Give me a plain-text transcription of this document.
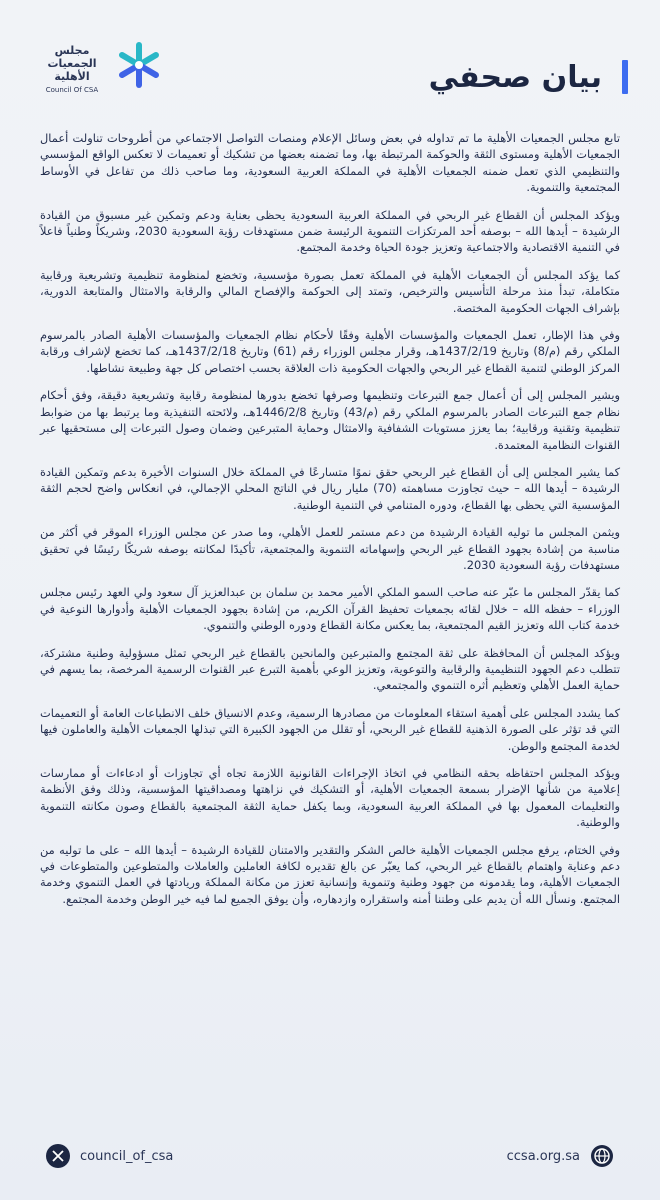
مجلس
الجمعيات
الأهلية
Council Of CSA	بيان صحفي

تابع مجلس الجمعيات الأهلية ما تم تداوله في بعض وسائل الإعلام ومنصات التواصل الاجتماعي من أطروحات تناولت أعمال الجمعيات الأهلية ومستوى الثقة والحوكمة المرتبطة بها، وما تضمنه بعضها من تشكيك أو تعميمات لا تعكس الواقع المؤسسي والتنظيمي الذي تعمل ضمنه الجمعيات الأهلية في المملكة العربية السعودية، وما صاحب ذلك من تفاعل في الأوساط المجتمعية والتنموية.

ويؤكد المجلس أن القطاع غير الربحي في المملكة العربية السعودية يحظى بعناية ودعم وتمكين غير مسبوق من القيادة الرشيدة – أيدها الله – بوصفه أحد المرتكزات التنموية الرئيسة ضمن مستهدفات رؤية السعودية 2030، وشريكاً وطنياً فاعلاً في التنمية الاقتصادية والاجتماعية وتعزيز جودة الحياة وخدمة المجتمع.

كما يؤكد المجلس أن الجمعيات الأهلية في المملكة تعمل بصورة مؤسسية، وتخضع لمنظومة تنظيمية وتشريعية ورقابية متكاملة، تبدأ منذ مرحلة التأسيس والترخيص، وتمتد إلى الحوكمة والإفصاح المالي والرقابة والامتثال والمتابعة الدورية، بإشراف الجهات الحكومية المختصة.

وفي هذا الإطار، تعمل الجمعيات والمؤسسات الأهلية وفقًا لأحكام نظام الجمعيات والمؤسسات الأهلية الصادر بالمرسوم الملكي رقم (م/8) وتاريخ 1437/2/19هـ، وقرار مجلس الوزراء رقم (61) وتاريخ 1437/2/18هـ، كما تخضع لإشراف ورقابة المركز الوطني لتنمية القطاع غير الربحي والجهات الحكومية ذات العلاقة بحسب اختصاص كل جهة وطبيعة نشاطها.

ويشير المجلس إلى أن أعمال جمع التبرعات وتنظيمها وصرفها تخضع بدورها لمنظومة رقابية وتشريعية دقيقة، وفق أحكام نظام جمع التبرعات الصادر بالمرسوم الملكي رقم (م/43) وتاريخ 1446/2/8هـ، ولائحته التنفيذية وما يرتبط بها من ضوابط تنظيمية وتقنية ورقابية؛ بما يعزز مستويات الشفافية والامتثال وحماية المتبرعين وضمان وصول التبرعات إلى مستحقيها عبر القنوات النظامية المعتمدة.

كما يشير المجلس إلى أن القطاع غير الربحي حقق نموًا متسارعًا في المملكة خلال السنوات الأخيرة بدعم وتمكين القيادة الرشيدة – أيدها الله – حيث تجاوزت مساهمته (70) مليار ريال في الناتج المحلي الإجمالي، في انعكاس واضح لحجم الثقة المؤسسية التي يحظى بها القطاع، ودوره المتنامي في التنمية الوطنية.

ويثمن المجلس ما توليه القيادة الرشيدة من دعم مستمر للعمل الأهلي، وما صدر عن مجلس الوزراء الموقر في أكثر من مناسبة من إشادة بجهود القطاع غير الربحي وإسهاماته التنموية والمجتمعية، تأكيدًا لمكانته بوصفه شريكًا رئيسًا في تحقيق مستهدفات رؤية السعودية 2030.

كما يقدّر المجلس ما عبّر عنه صاحب السمو الملكي الأمير محمد بن سلمان بن عبدالعزيز آل سعود ولي العهد رئيس مجلس الوزراء – حفظه الله – خلال لقائه بجمعيات تحفيظ القرآن الكريم، من إشادة بجهود الجمعيات الأهلية وأدوارها النوعية في خدمة كتاب الله وتعزيز القيم المجتمعية، بما يعكس مكانة القطاع ودوره الوطني والتنموي.

ويؤكد المجلس أن المحافظة على ثقة المجتمع والمتبرعين والمانحين بالقطاع غير الربحي تمثل مسؤولية وطنية مشتركة، تتطلب دعم الجهود التنظيمية والرقابية والتوعوية، وتعزيز الوعي بأهمية التبرع عبر القنوات الرسمية المرخصة، بما يسهم في حماية العمل الأهلي وتعظيم أثره التنموي والمجتمعي.

كما يشدد المجلس على أهمية استقاء المعلومات من مصادرها الرسمية، وعدم الانسياق خلف الانطباعات العامة أو التعميمات التي قد تؤثر على الصورة الذهنية للقطاع غير الربحي، أو تقلل من الجهود الكبيرة التي تبذلها الجمعيات الأهلية والعاملون فيها لخدمة المجتمع والوطن.

ويؤكد المجلس احتفاظه بحقه النظامي في اتخاذ الإجراءات القانونية اللازمة تجاه أي تجاوزات أو ادعاءات أو ممارسات إعلامية من شأنها الإضرار بسمعة الجمعيات الأهلية، أو التشكيك في نزاهتها ومصداقيتها المؤسسية، وذلك وفق الأنظمة والتعليمات المعمول بها في المملكة العربية السعودية، وبما يكفل حماية الثقة المجتمعية بالقطاع وصون مكانته التنموية والوطنية.

وفي الختام، يرفع مجلس الجمعيات الأهلية خالص الشكر والتقدير والامتنان للقيادة الرشيدة – أيدها الله – على ما توليه من دعم وعناية واهتمام بالقطاع غير الربحي، كما يعبّر عن بالغ تقديره لكافة العاملين والعاملات والمتطوعين والمتطوعات في الجمعيات الأهلية، وما يقدمونه من جهود وطنية وتنموية وإنسانية تعزز من مكانة المملكة وريادتها في العمل التنموي وخدمة المجتمع. ونسأل الله أن يديم على وطننا أمنه واستقراره وازدهاره، وأن يوفق الجميع لما فيه خير الوطن وخدمة المجتمع.

council_of_csa	ccsa.org.sa
